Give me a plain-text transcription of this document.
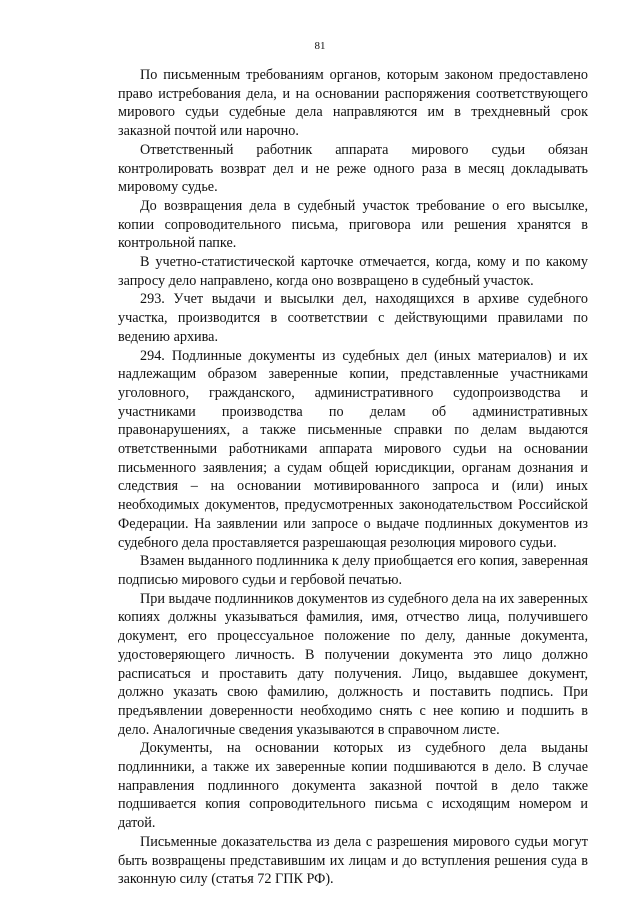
81

По письменным требованиям органов, которым законом предоставлено право истребования дела, и на основании распоряжения соответствующего мирового судьи судебные дела направляются им в трехдневный срок заказной почтой или нарочно.

Ответственный работник аппарата мирового судьи обязан контролировать возврат дел и не реже одного раза в месяц докладывать мировому судье.

До возвращения дела в судебный участок требование о его высылке, копии сопроводительного письма, приговора или решения хранятся в контрольной папке.

В учетно-статистической карточке отмечается, когда, кому и по какому запросу дело направлено, когда оно возвращено в судебный участок.

293. Учет выдачи и высылки дел, находящихся в архиве судебного участка, производится в соответствии с действующими правилами по ведению архива.

294. Подлинные документы из судебных дел (иных материалов) и их надлежащим образом заверенные копии, представленные участниками уголовного, гражданского, административного судопроизводства и участниками производства по делам об административных правонарушениях, а также письменные справки по делам выдаются ответственными работниками аппарата мирового судьи на основании письменного заявления; а судам общей юрисдикции, органам дознания и следствия – на основании мотивированного запроса и (или) иных необходимых документов, предусмотренных законодательством Российской Федерации. На заявлении или запросе о выдаче подлинных документов из судебного дела проставляется разрешающая резолюция мирового судьи.

Взамен выданного подлинника к делу приобщается его копия, заверенная подписью мирового судьи и гербовой печатью.

При выдаче подлинников документов из судебного дела на их заверенных копиях должны указываться фамилия, имя, отчество лица, получившего документ, его процессуальное положение по делу, данные документа, удостоверяющего личность. В получении документа это лицо должно расписаться и проставить дату получения. Лицо, выдавшее документ, должно указать свою фамилию, должность и поставить подпись. При предъявлении доверенности необходимо снять с нее копию и подшить в дело. Аналогичные сведения указываются в справочном листе.

Документы, на основании которых из судебного дела выданы подлинники, а также их заверенные копии подшиваются в дело. В случае направления подлинного документа заказной почтой в дело также подшивается копия сопроводительного письма с исходящим номером и датой.

Письменные доказательства из дела с разрешения мирового судьи могут быть возвращены представившим их лицам и до вступления решения суда в законную силу (статья 72 ГПК РФ).
